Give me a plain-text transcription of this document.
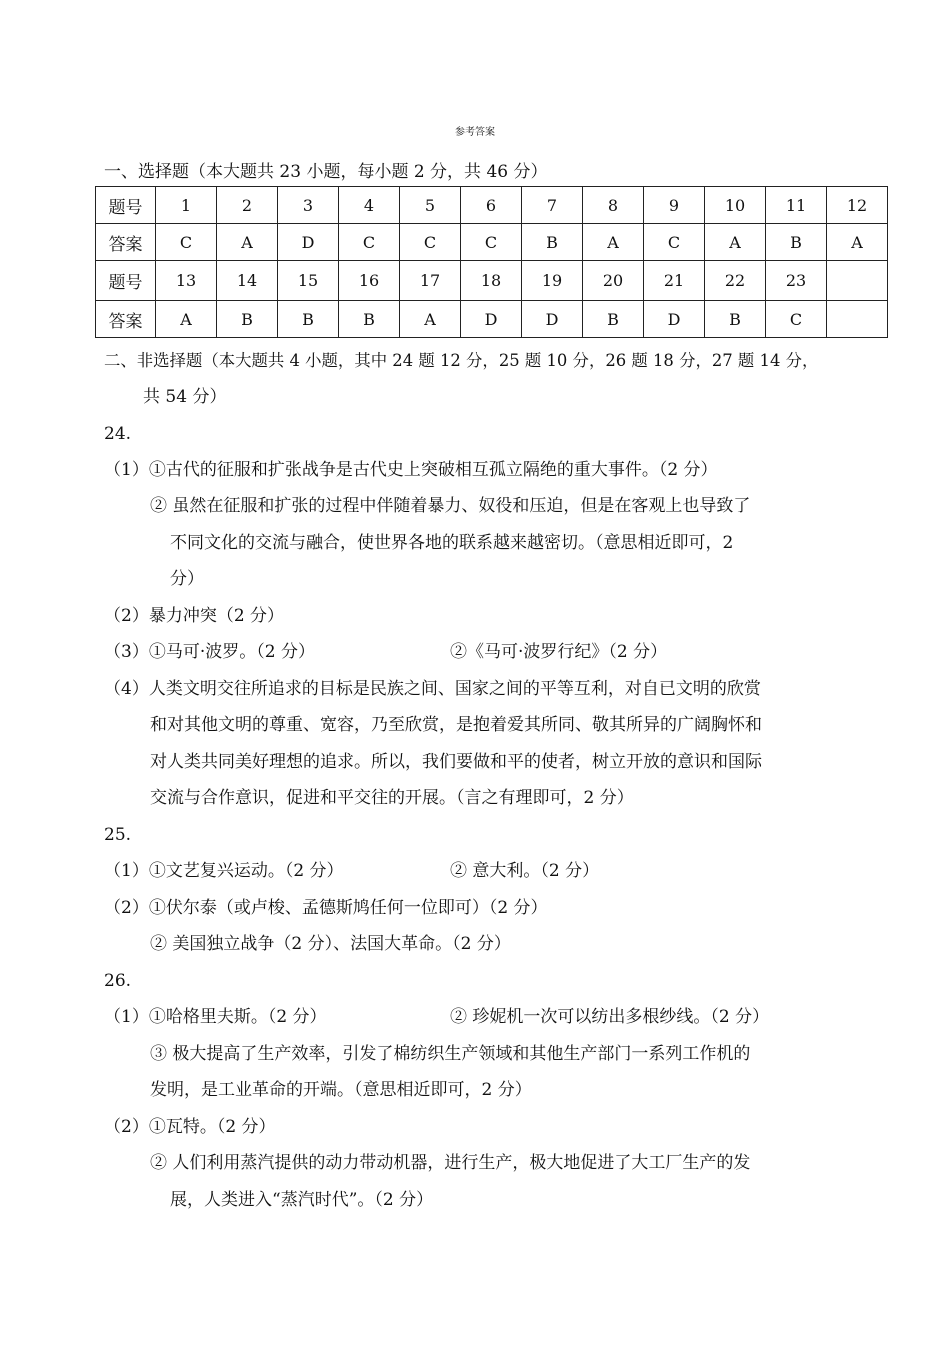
参考答案
一、选择题（本大题共 23 小题，每小题 2 分，共 46 分）
题号	1	2	3	4	5	6	7	8	9	10	11	12
答案	C	A	D	C	C	C	B	A	C	A	B	A
题号	13	14	15	16	17	18	19	20	21	22	23	
答案	A	B	B	B	A	D	D	B	D	B	C	
二、非选择题（本大题共 4 小题，其中 24 题 12 分，25 题 10 分，26 题 18 分，27 题 14 分，
共 54 分）
24.
（1）①古代的征服和扩张战争是古代史上突破相互孤立隔绝的重大事件。（2 分）
② 虽然在征服和扩张的过程中伴随着暴力、奴役和压迫，但是在客观上也导致了
不同文化的交流与融合，使世界各地的联系越来越密切。（意思相近即可，2
分）
（2）暴力冲突（2 分）
（3）①马可·波罗。（2 分）	②《马可·波罗行纪》（2 分）
（4）人类文明交往所追求的目标是民族之间、国家之间的平等互利，对自已文明的欣赏
和对其他文明的尊重、宽容，乃至欣赏，是抱着爱其所同、敬其所异的广阔胸怀和
对人类共同美好理想的追求。所以，我们要做和平的使者，树立开放的意识和国际
交流与合作意识，促进和平交往的开展。（言之有理即可，2 分）
25.
（1）①文艺复兴运动。（2 分）	② 意大利。（2 分）
（2）①伏尔泰（或卢梭、孟德斯鸠任何一位即可）（2 分）
② 美国独立战争（2 分）、法国大革命。（2 分）
26.
（1）①哈格里夫斯。（2 分）	② 珍妮机一次可以纺出多根纱线。（2 分）
③ 极大提高了生产效率，引发了棉纺织生产领域和其他生产部门一系列工作机的
发明，是工业革命的开端。（意思相近即可，2 分）
（2）①瓦特。（2 分）
② 人们利用蒸汽提供的动力带动机器，进行生产，极大地促进了大工厂生产的发
展，人类进入“蒸汽时代”。（2 分）
